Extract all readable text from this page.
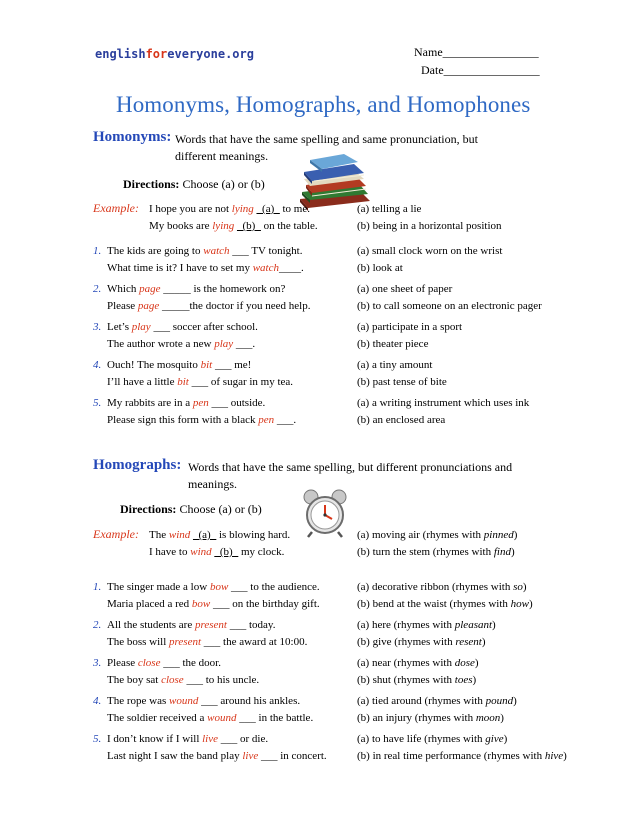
englishforeveryone.org	Name________________
Date________________
Homonyms, Homographs, and Homophones
Homonyms: Words that have the same spelling and same pronunciation, but
different meanings.
Directions: Choose (a) or (b)
Example: I hope you are not lying _(a)_ to me.
My books are lying _(b)_ on the table.
(a) telling a lie
(b) being in a horizontal position
1. The kids are going to watch ___ TV tonight.
What time is it? I have to set my watch____.
(a) small clock worn on the wrist
(b) look at
2. Which page _____ is the homework on?
Please page _____the doctor if you need help.
(a) one sheet of paper
(b) to call someone on an electronic pager
3. Let’s play ___ soccer after school.
The author wrote a new play ___.
(a) participate in a sport
(b) theater piece
4. Ouch! The mosquito bit ___ me!
I’ll have a little bit ___ of sugar in my tea.
(a) a tiny amount
(b) past tense of bite
5. My rabbits are in a pen ___ outside.
Please sign this form with a black pen ___.
(a) a writing instrument which uses ink
(b) an enclosed area
Homographs: Words that have the same spelling, but different pronunciations and
meanings.
Directions: Choose (a) or (b)
Example: The wind _(a)_ is blowing hard.
I have to wind _(b)_ my clock.
(a) moving air (rhymes with pinned)
(b) turn the stem (rhymes with find)
1. The singer made a low bow ___ to the audience.
Maria placed a red bow ___ on the birthday gift.
(a) decorative ribbon (rhymes with so)
(b) bend at the waist (rhymes with how)
2. All the students are present ___ today.
The boss will present ___ the award at 10:00.
(a) here (rhymes with pleasant)
(b) give (rhymes with resent)
3. Please close ___ the door.
The boy sat close ___ to his uncle.
(a) near (rhymes with dose)
(b) shut (rhymes with toes)
4. The rope was wound ___ around his ankles.
The soldier received a wound ___ in the battle.
(a) tied around (rhymes with pound)
(b) an injury (rhymes with moon)
5. I don’t know if I will live ___ or die.
Last night I saw the band play live ___ in concert.
(a) to have life (rhymes with give)
(b) in real time performance (rhymes with hive)
